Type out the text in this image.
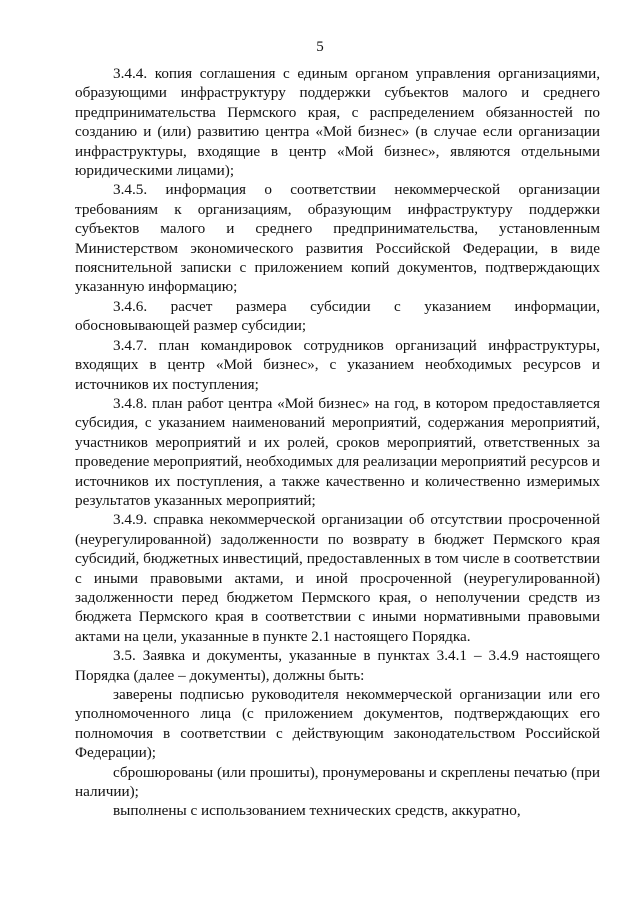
5

3.4.4. копия соглашения с единым органом управления организациями, образующими инфраструктуру поддержки субъектов малого и среднего предпринимательства Пермского края, с распределением обязанностей по созданию и (или) развитию центра «Мой бизнес» (в случае если организации инфраструктуры, входящие в центр «Мой бизнес», являются отдельными юридическими лицами);

3.4.5. информация о соответствии некоммерческой организации требованиям к организациям, образующим инфраструктуру поддержки субъектов малого и среднего предпринимательства, установленным Министерством экономического развития Российской Федерации, в виде пояснительной записки с приложением копий документов, подтверждающих указанную информацию;

3.4.6. расчет размера субсидии с указанием информации, обосновывающей размер субсидии;

3.4.7. план командировок сотрудников организаций инфраструктуры, входящих в центр «Мой бизнес», с указанием необходимых ресурсов и источников их поступления;

3.4.8. план работ центра «Мой бизнес» на год, в котором предоставляется субсидия, с указанием наименований мероприятий, содержания мероприятий, участников мероприятий и их ролей, сроков мероприятий, ответственных за проведение мероприятий, необходимых для реализации мероприятий ресурсов и источников их поступления, а также качественно и количественно измеримых результатов указанных мероприятий;

3.4.9. справка некоммерческой организации об отсутствии просроченной (неурегулированной) задолженности по возврату в бюджет Пермского края субсидий, бюджетных инвестиций, предоставленных в том числе в соответствии с иными правовыми актами, и иной просроченной (неурегулированной) задолженности перед бюджетом Пермского края, о неполучении средств из бюджета Пермского края в соответствии с иными нормативными правовыми актами на цели, указанные в пункте 2.1 настоящего Порядка.

3.5. Заявка и документы, указанные в пунктах 3.4.1 – 3.4.9 настоящего Порядка (далее – документы), должны быть:

заверены подписью руководителя некоммерческой организации или его уполномоченного лица (с приложением документов, подтверждающих его полномочия в соответствии с действующим законодательством Российской Федерации);

сброшюрованы (или прошиты), пронумерованы и скреплены печатью (при наличии);

выполнены с использованием технических средств, аккуратно,
